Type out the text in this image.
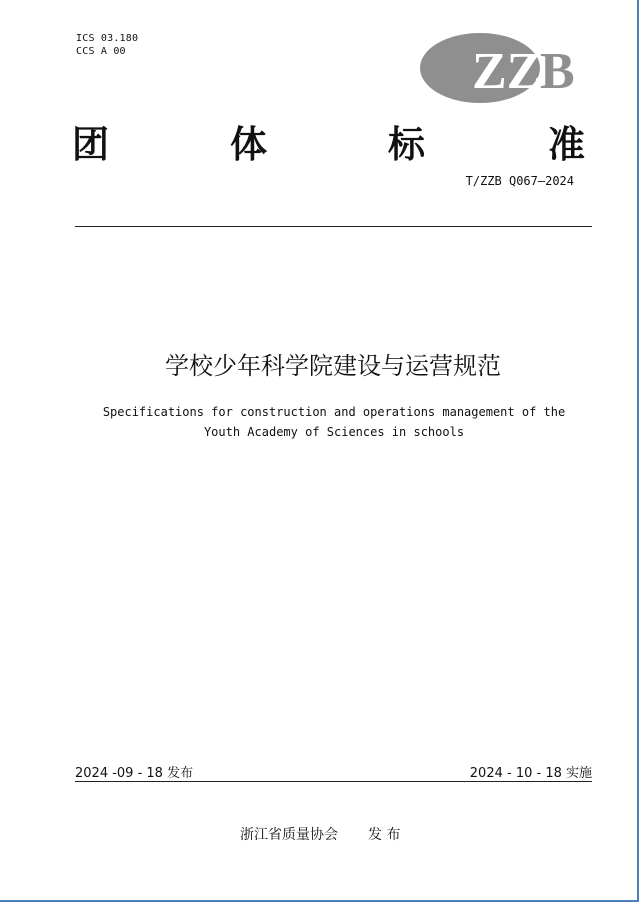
ICS 03.180
CCS A 00	ZZ
B
团	体	标	准
T/ZZB Q067—2024
学校少年科学院建设与运营规范
Specifications for construction and operations management of the
Youth Academy of Sciences in schools
2024 -09 - 18 发布	2024 - 10 - 18 实施
浙江省质量协会 发 布
